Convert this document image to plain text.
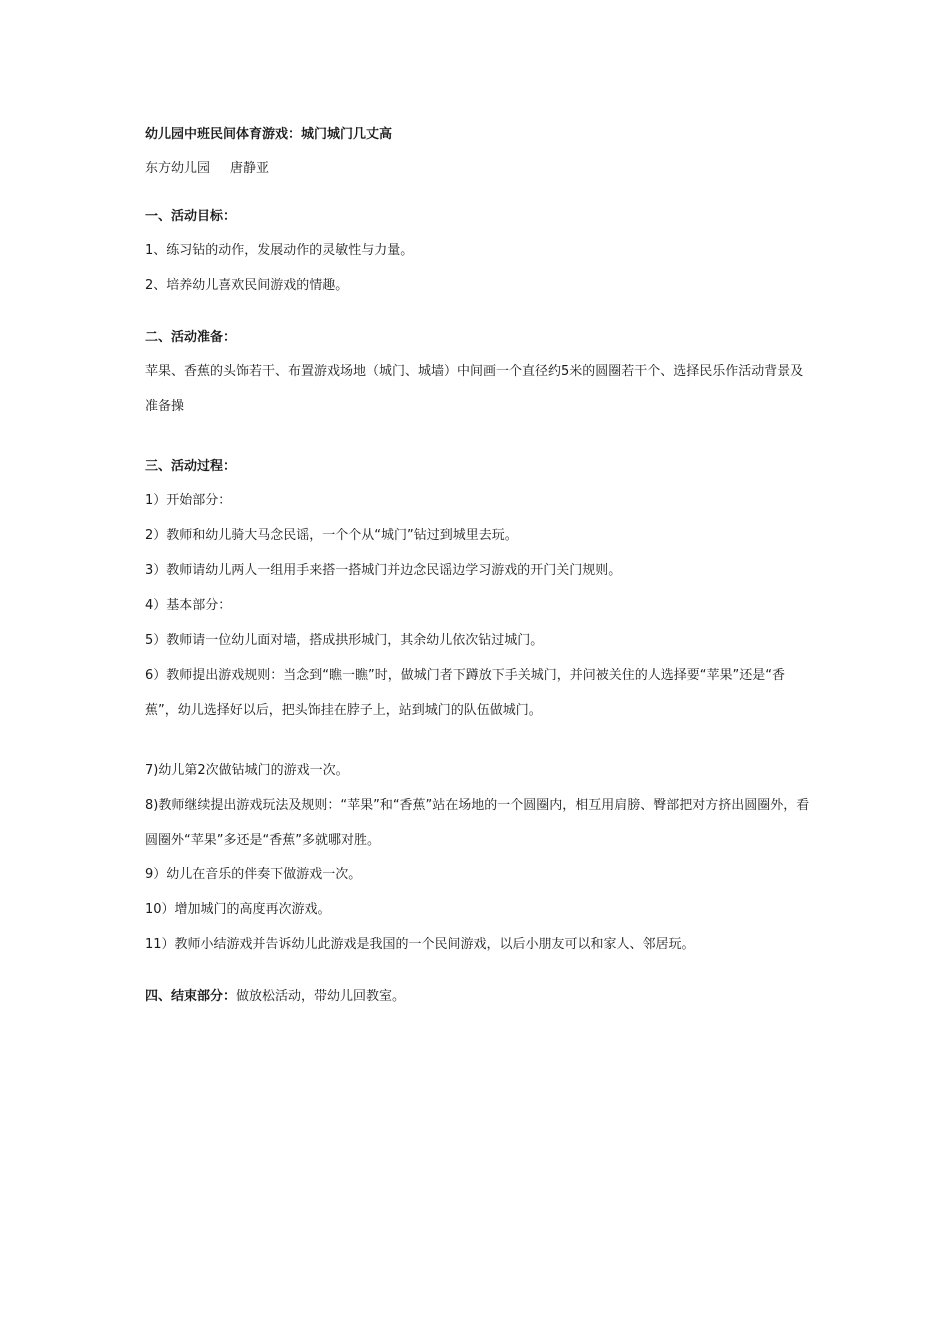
幼儿园中班民间体育游戏：城门城门几丈高

东方幼儿园 唐静亚

一、活动目标：

1、练习钻的动作，发展动作的灵敏性与力量。

2、培养幼儿喜欢民间游戏的情趣。

二、活动准备：

苹果、香蕉的头饰若干、布置游戏场地（城门、城墙）中间画一个直径约5米的圆圈若干个、选择民乐作活动背景及准备操

三、活动过程：

1）开始部分：

2）教师和幼儿骑大马念民谣，一个个从“城门”钻过到城里去玩。

3）教师请幼儿两人一组用手来搭一搭城门并边念民谣边学习游戏的开门关门规则。

4）基本部分：

5）教师请一位幼儿面对墙，搭成拱形城门，其余幼儿依次钻过城门。

6）教师提出游戏规则：当念到“瞧一瞧”时，做城门者下蹲放下手关城门，并问被关住的人选择要“苹果”还是“香蕉”，幼儿选择好以后，把头饰挂在脖子上，站到城门的队伍做城门。

7)幼儿第2次做钻城门的游戏一次。

8)教师继续提出游戏玩法及规则：“苹果”和“香蕉”站在场地的一个圆圈内，相互用肩膀、臀部把对方挤出圆圈外，看圆圈外“苹果”多还是“香蕉”多就哪对胜。

9）幼儿在音乐的伴奏下做游戏一次。

10）增加城门的高度再次游戏。

11）教师小结游戏并告诉幼儿此游戏是我国的一个民间游戏，以后小朋友可以和家人、邻居玩。

四、结束部分：做放松活动，带幼儿回教室。
